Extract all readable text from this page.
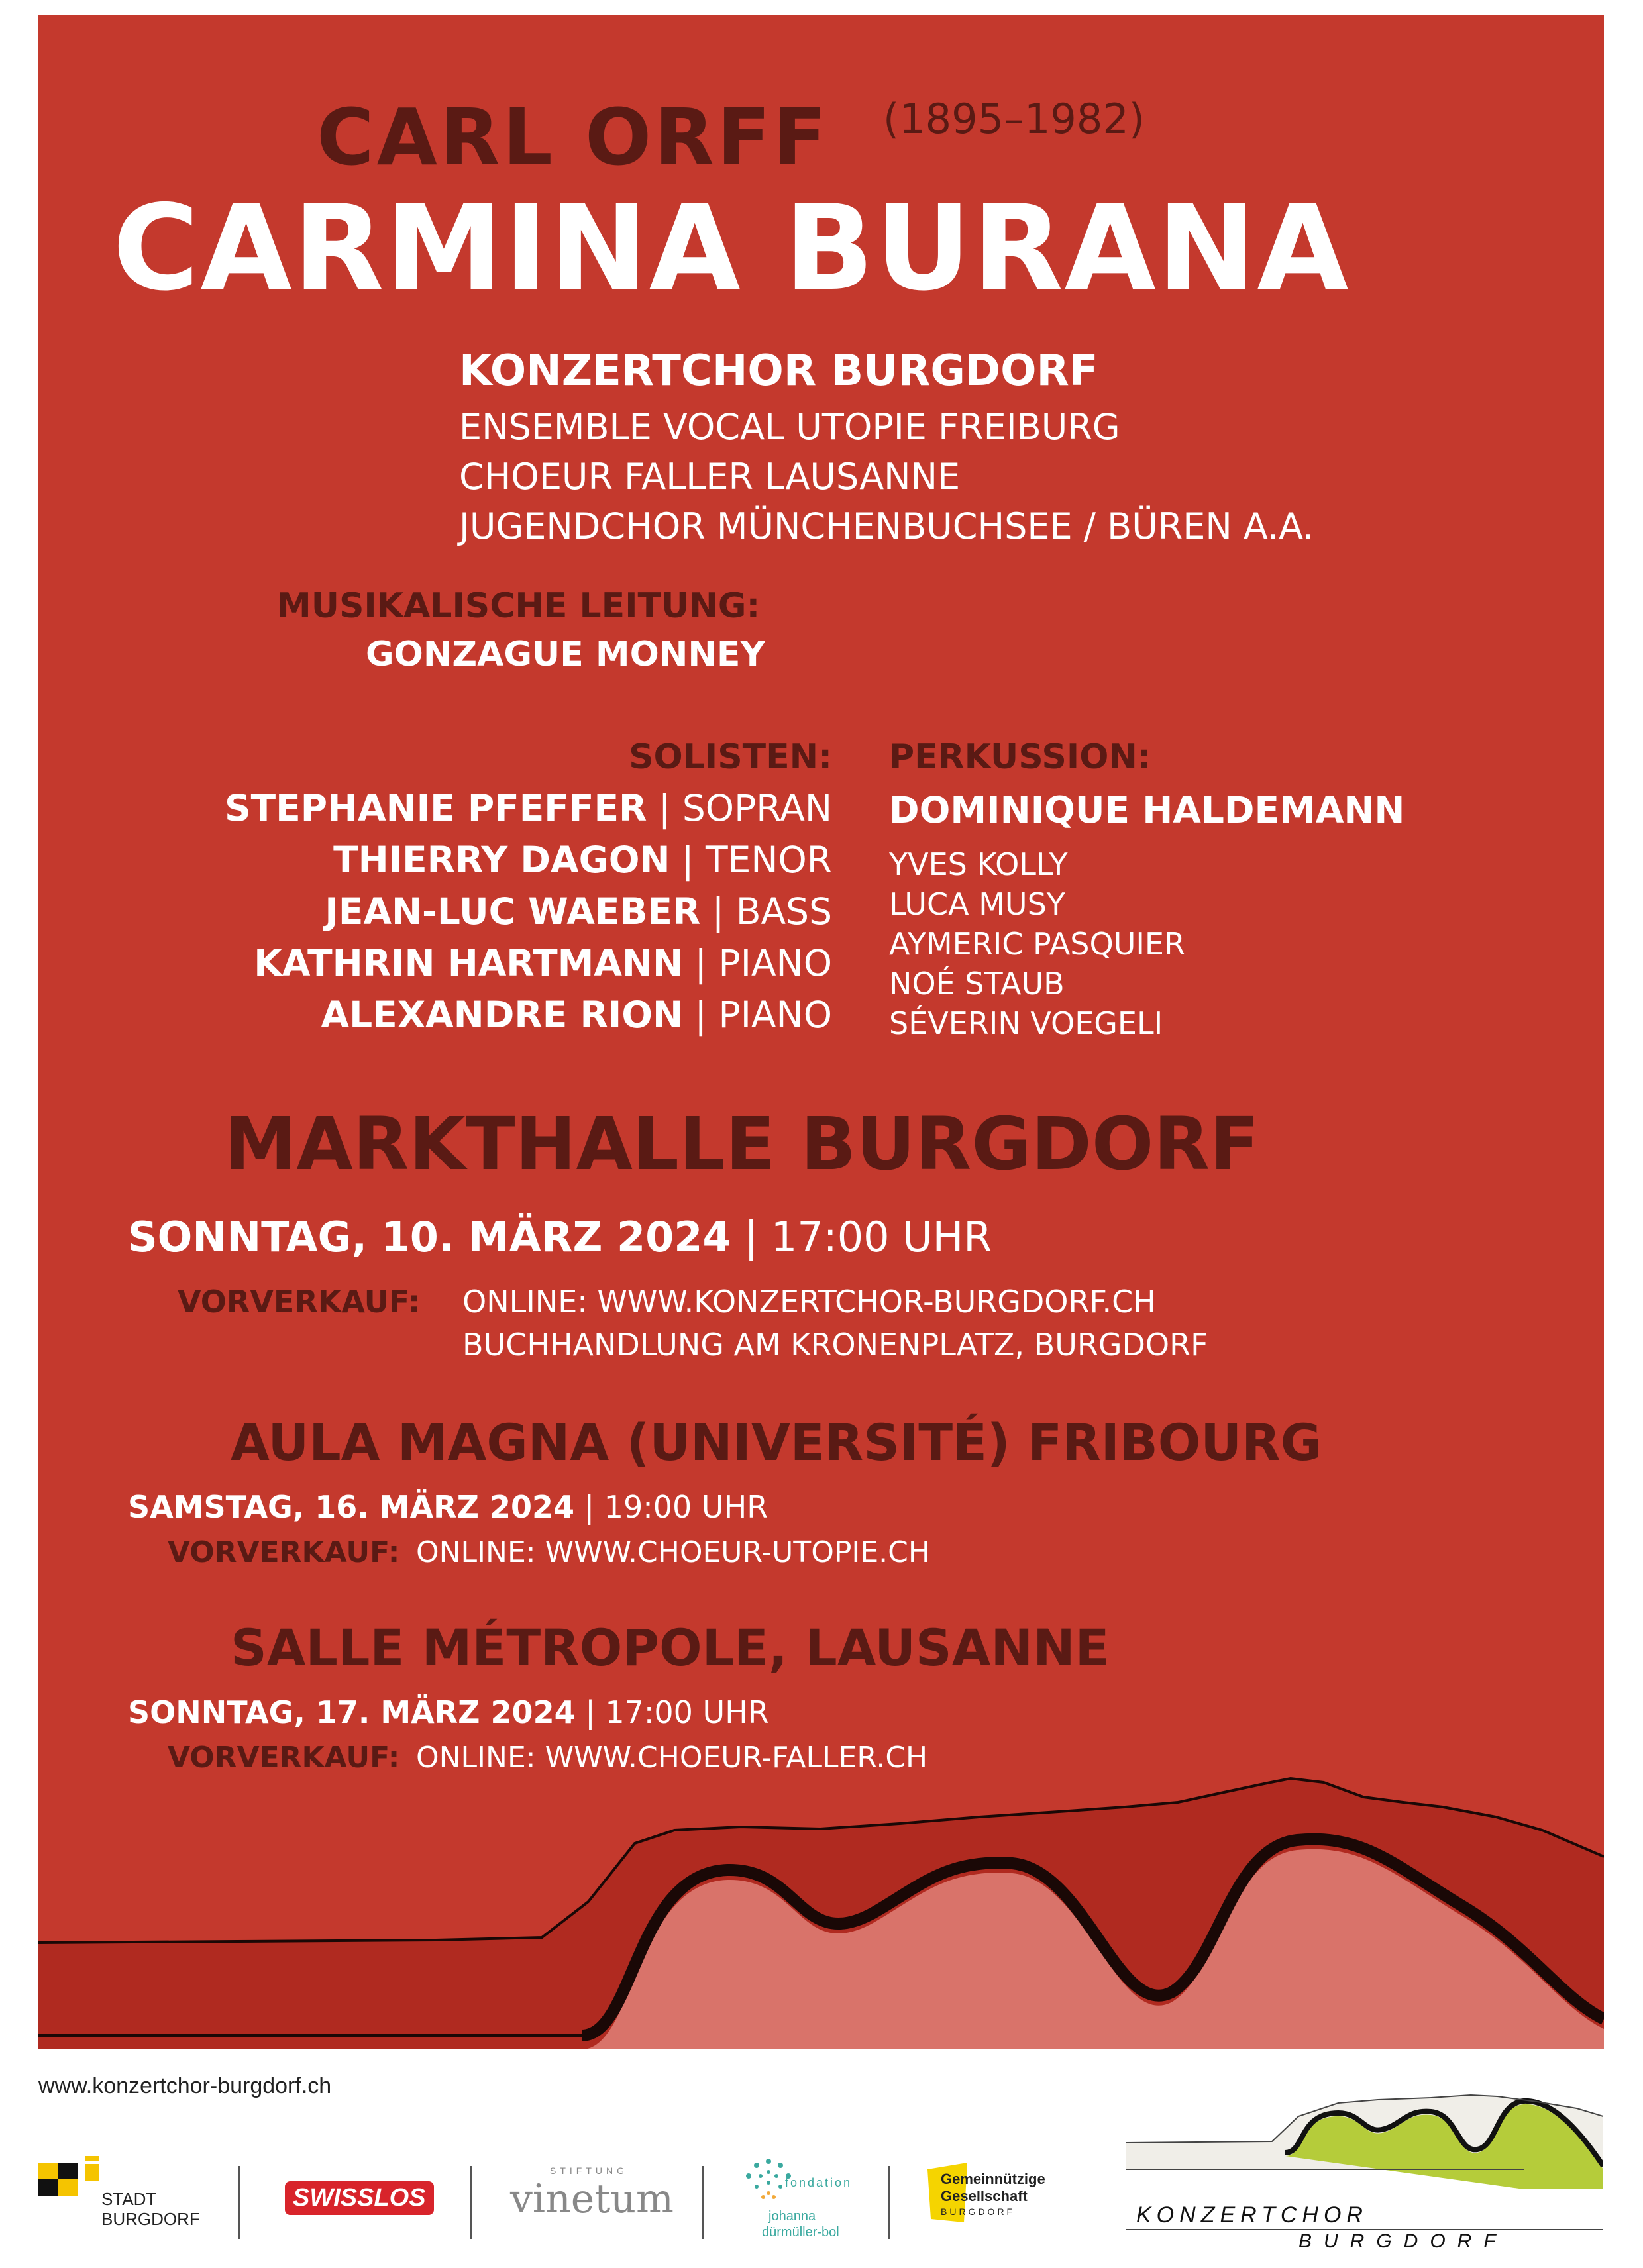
CARL ORFF (1895–1982)
CARMINA BURANA
KONZERTCHOR BURGDORF
ENSEMBLE VOCAL UTOPIE FREIBURG
CHOEUR FALLER LAUSANNE
JUGENDCHOR MÜNCHENBUCHSEE / BÜREN A.A.
MUSIKALISCHE LEITUNG:
GONZAGUE MONNEY
SOLISTEN:
STEPHANIE PFEFFER | SOPRAN
THIERRY DAGON | TENOR
JEAN-LUC WAEBER | BASS
KATHRIN HARTMANN | PIANO
ALEXANDRE RION | PIANO
PERKUSSION:
DOMINIQUE HALDEMANN
YVES KOLLY
LUCA MUSY
AYMERIC PASQUIER
NOÉ STAUB
SÉVERIN VOEGELI
MARKTHALLE BURGDORF
SONNTAG, 10. MÄRZ 2024 | 17:00 UHR
VORVERKAUF: ONLINE: WWW.KONZERTCHOR-BURGDORF.CH
BUCHHANDLUNG AM KRONENPLATZ, BURGDORF
AULA MAGNA (UNIVERSITÉ) FRIBOURG
SAMSTAG, 16. MÄRZ 2024 | 19:00 UHR
VORVERKAUF: ONLINE: WWW.CHOEUR-UTOPIE.CH
SALLE MÉTROPOLE, LAUSANNE
SONNTAG, 17. MÄRZ 2024 | 17:00 UHR
VORVERKAUF: ONLINE: WWW.CHOEUR-FALLER.CH
www.konzertchor-burgdorf.ch
STADT
BURGDORF
SWISSLOS
STIFTUNG
vinetum	fondation
johanna
dürmüller-bol
Gemeinnützige
Gesellschaft
BURGDORF	KONZERTCHOR
BURGDORF
